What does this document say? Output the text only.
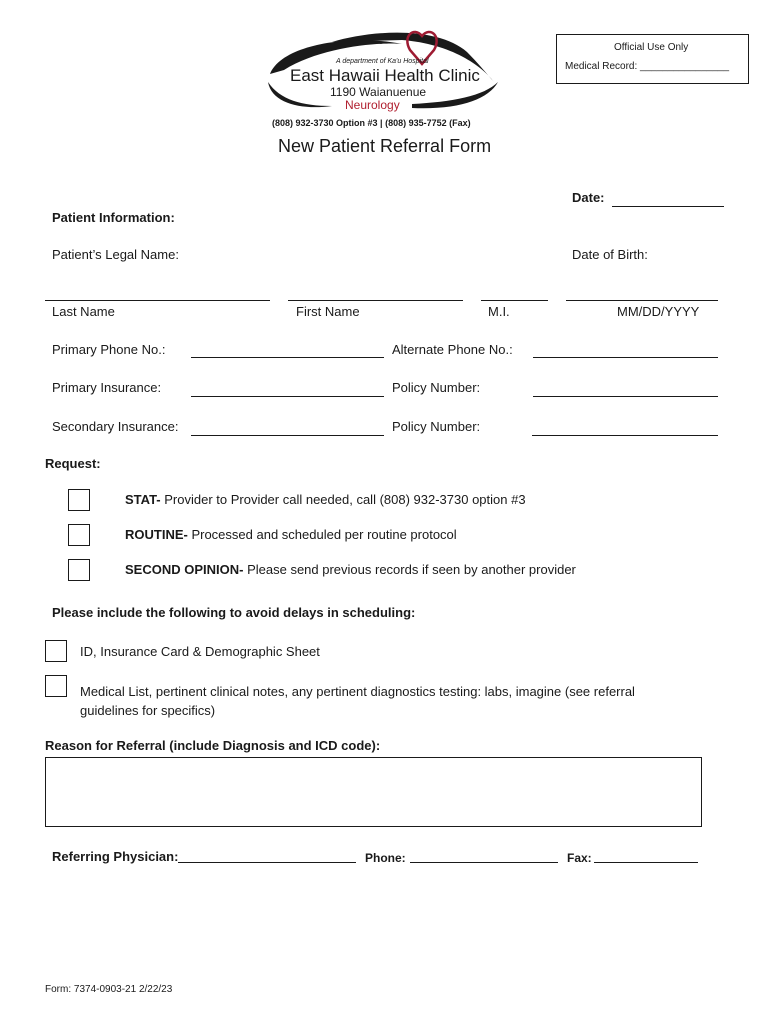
A department of Ka'u Hospital
East Hawaii Health Clinic
1190 Waianuenue
Neurology
(808) 932-3730 Option #3 | (808) 935-7752 (Fax)
Official Use Only
Medical Record: ________________
New Patient Referral Form
Date:
Patient Information:
Patient’s Legal Name:	Date of Birth:
Last Name	First Name	M.I.	MM/DD/YYYY
Primary Phone No.:	Alternate Phone No.:
Primary Insurance:	Policy Number:
Secondary Insurance:	Policy Number:
Request:
STAT- Provider to Provider call needed, call (808) 932-3730 option #3
ROUTINE- Processed and scheduled per routine protocol
SECOND OPINION- Please send previous records if seen by another provider
Please include the following to avoid delays in scheduling:
ID, Insurance Card & Demographic Sheet
Medical List, pertinent clinical notes, any pertinent diagnostics testing: labs, imagine (see referral guidelines for specifics)
Reason for Referral (include Diagnosis and ICD code):
Referring Physician:	Phone:	Fax:
Form: 7374-0903-21 2/22/23
